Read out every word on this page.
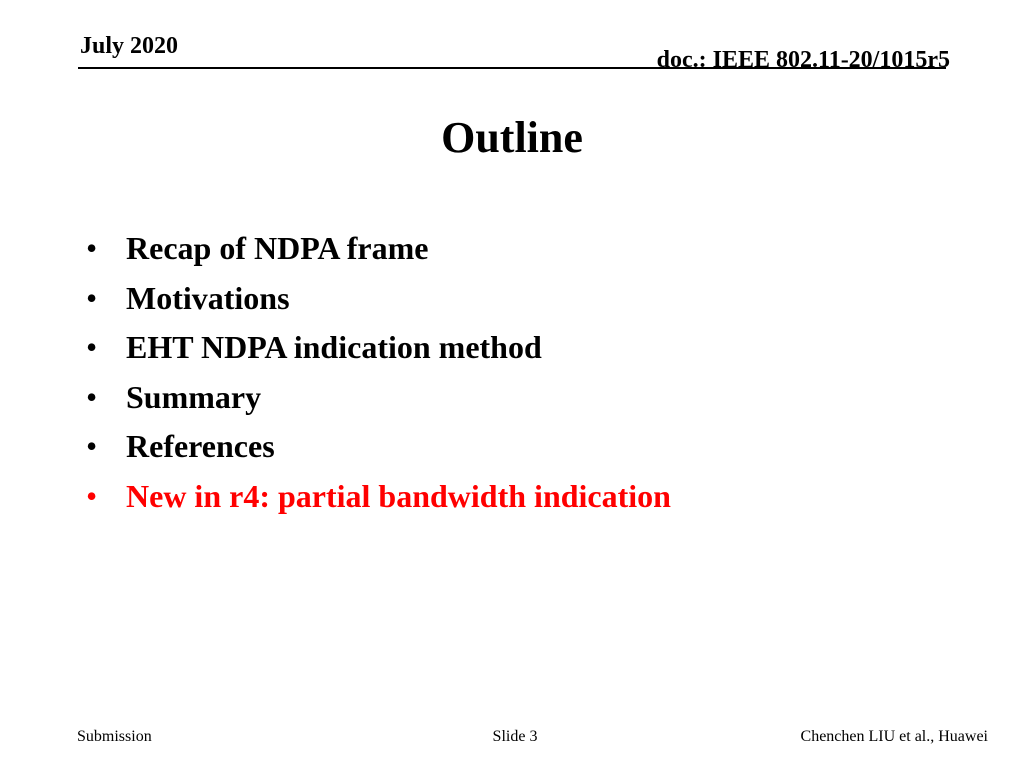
July 2020
doc.: IEEE 802.11-20/1015r5
Outline
• Recap of NDPA frame
• Motivations
• EHT NDPA indication method
• Summary
• References
• New in r4: partial bandwidth indication
Submission	Slide 3	Chenchen LIU et al., Huawei
